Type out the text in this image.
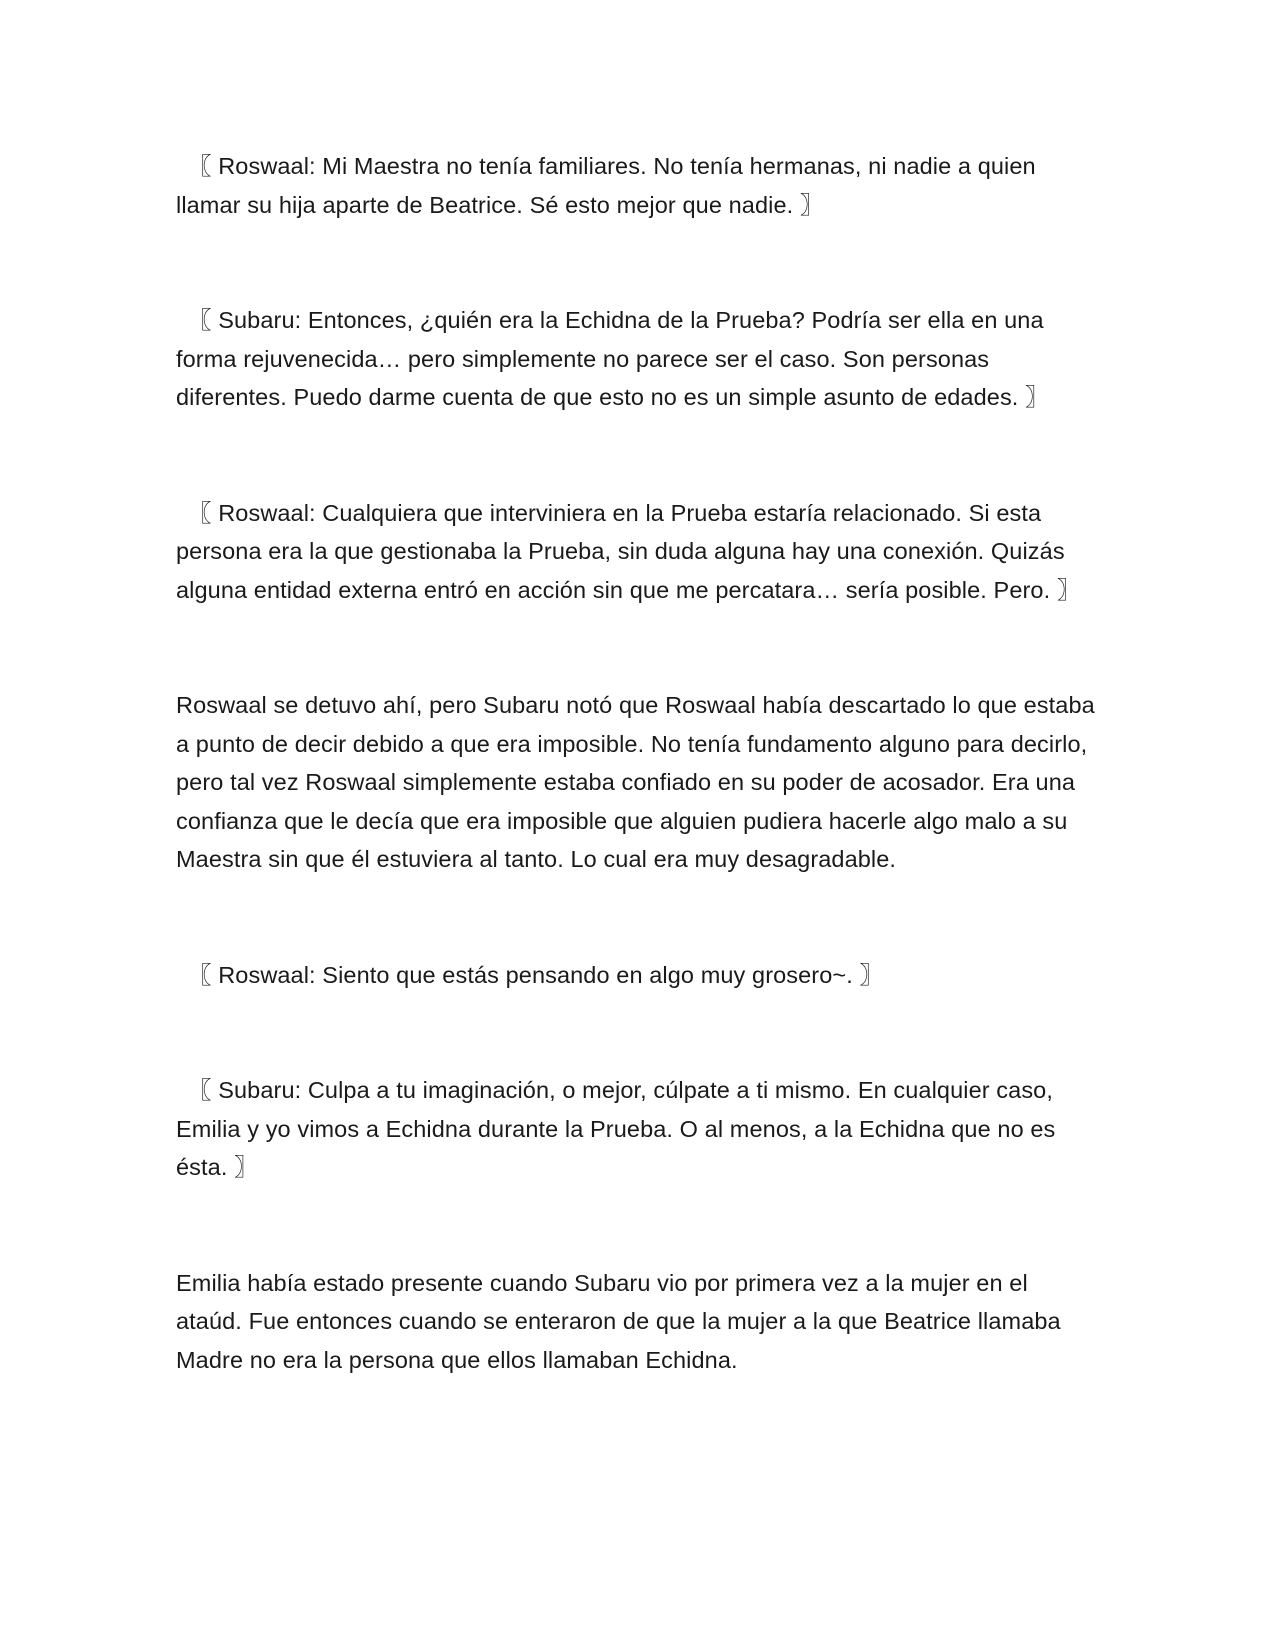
〖 Roswaal: Mi Maestra no tenía familiares. No tenía hermanas, ni nadie a quien llamar su hija aparte de Beatrice. Sé esto mejor que nadie. 〗

〖 Subaru: Entonces, ¿quién era la Echidna de la Prueba? Podría ser ella en una forma rejuvenecida… pero simplemente no parece ser el caso. Son personas diferentes. Puedo darme cuenta de que esto no es un simple asunto de edades. 〗

〖 Roswaal: Cualquiera que interviniera en la Prueba estaría relacionado. Si esta persona era la que gestionaba la Prueba, sin duda alguna hay una conexión. Quizás alguna entidad externa entró en acción sin que me percatara… sería posible. Pero. 〗

Roswaal se detuvo ahí, pero Subaru notó que Roswaal había descartado lo que estaba a punto de decir debido a que era imposible. No tenía fundamento alguno para decirlo, pero tal vez Roswaal simplemente estaba confiado en su poder de acosador. Era una confianza que le decía que era imposible que alguien pudiera hacerle algo malo a su Maestra sin que él estuviera al tanto. Lo cual era muy desagradable.

〖 Roswaal: Siento que estás pensando en algo muy grosero~. 〗

〖 Subaru: Culpa a tu imaginación, o mejor, cúlpate a ti mismo. En cualquier caso, Emilia y yo vimos a Echidna durante la Prueba. O al menos, a la Echidna que no es ésta. 〗

Emilia había estado presente cuando Subaru vio por primera vez a la mujer en el ataúd. Fue entonces cuando se enteraron de que la mujer a la que Beatrice llamaba Madre no era la persona que ellos llamaban Echidna.
